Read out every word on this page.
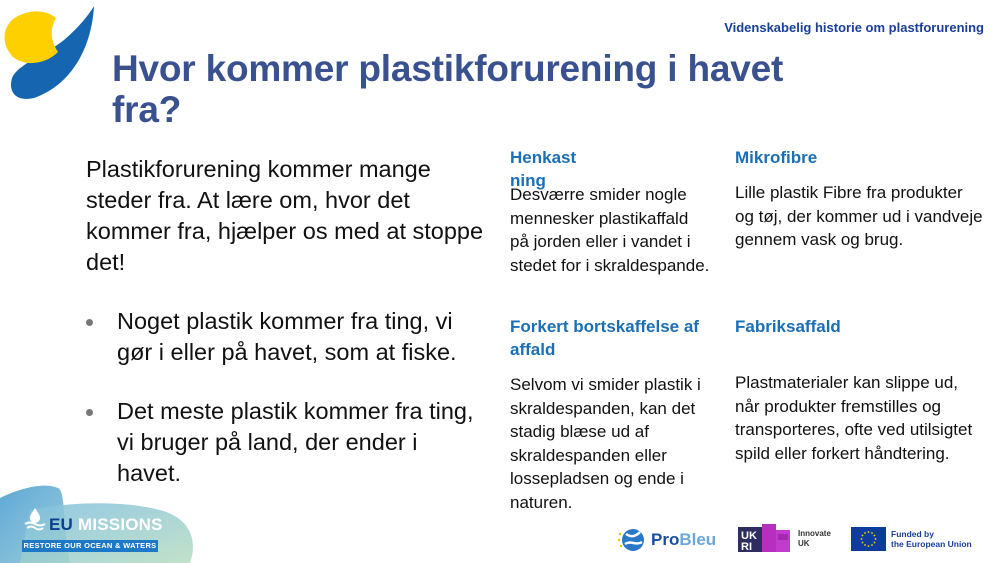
Videnskabelig historie om plastforurening
Hvor kommer plastikforurening i havet fra?

Plastikforurening kommer mange steder fra. At lære om, hvor det kommer fra, hjælper os med at stoppe det!

Noget plastik kommer fra ting, vi gør i eller på havet, som at fiske.
Det meste plastik kommer fra ting, vi bruger på land, der ender i havet.
Henkast ning
Desværre smider nogle mennesker plastikaffald på jorden eller i vandet i stedet for i skraldespande.
Mikrofibre
Lille plastik Fibre fra produkter og tøj, der kommer ud i vandveje gennem vask og brug.
Forkert bortskaffelse af affald
Selvom vi smider plastik i skraldespanden, kan det stadig blæse ud af skraldespanden eller lossepladsen og ende i naturen.
Fabriksaffald
Plastmaterialer kan slippe ud, når produkter fremstilles og transporteres, ofte ved utilsigtet spild eller forkert håndtering.
EU MISSIONS
RESTORE OUR OCEAN & WATERS	ProBleu UK
RI
Innovate
UK
Funded by
the European Union
